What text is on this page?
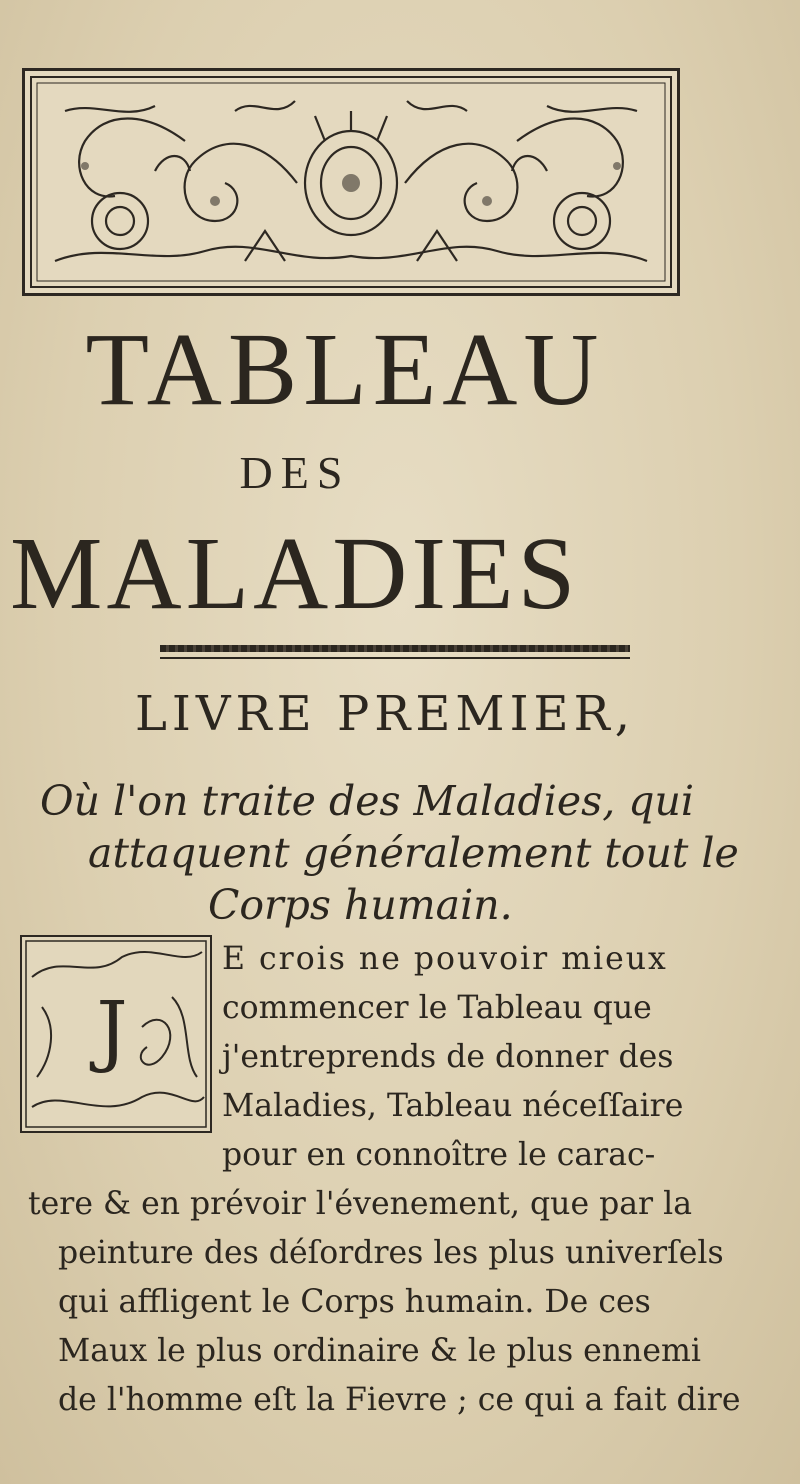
TABLEAU
DES
MALADIES
LIVRE PREMIER,
Où l'on traite des Maladies, qui
attaquent généralement tout le
Corps humain.
J
E crois ne pouvoir mieux
commencer le Tableau que
j'entreprends de donner des
Maladies, Tableau néceſſaire
pour en connoître le carac-
tere & en prévoir l'évenement, que par la
peinture des déſordres les plus univerſels
qui affligent le Corps humain. De ces
Maux le plus ordinaire & le plus ennemi
de l'homme eſt la Fievre ; ce qui a fait dire
